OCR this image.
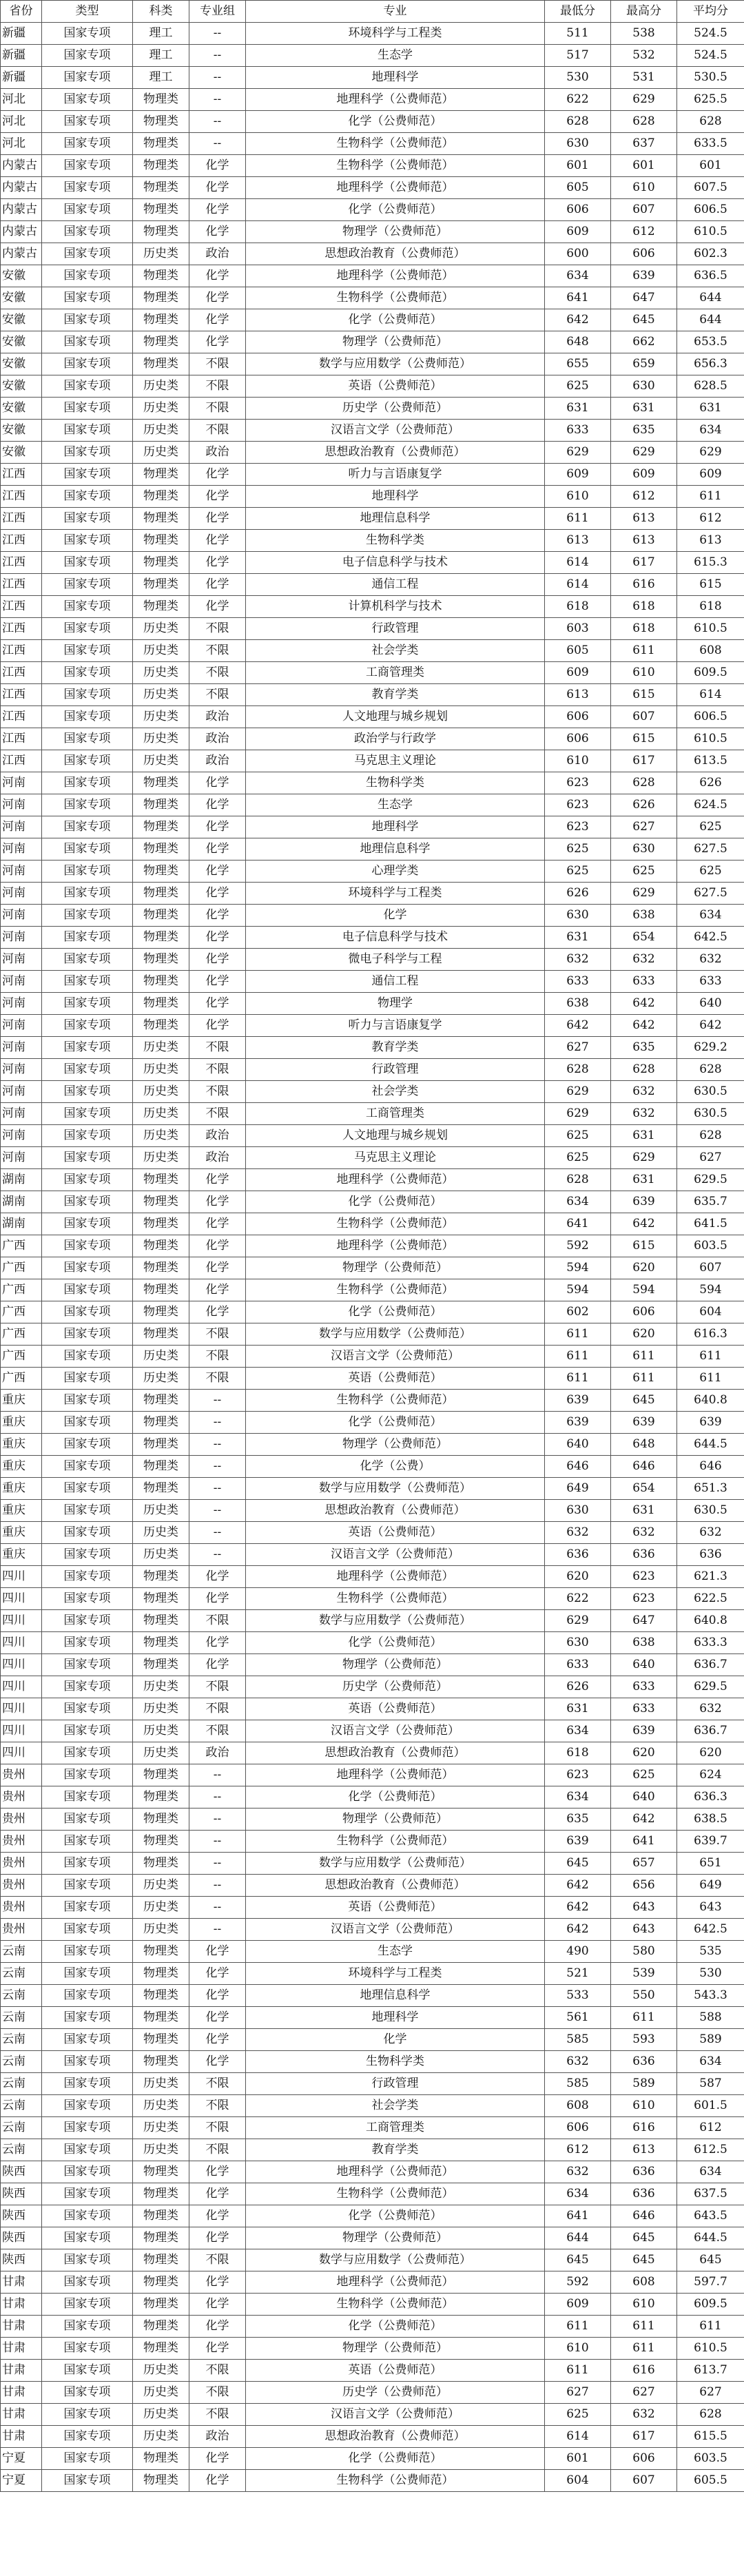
省份	类型	科类	专业组	专业	最低分	最高分	平均分
新疆	国家专项	理工	--	环境科学与工程类	511	538	524.5
新疆	国家专项	理工	--	生态学	517	532	524.5
新疆	国家专项	理工	--	地理科学	530	531	530.5
河北	国家专项	物理类	--	地理科学（公费师范）	622	629	625.5
河北	国家专项	物理类	--	化学（公费师范）	628	628	628
河北	国家专项	物理类	--	生物科学（公费师范）	630	637	633.5
内蒙古	国家专项	物理类	化学	生物科学（公费师范）	601	601	601
内蒙古	国家专项	物理类	化学	地理科学（公费师范）	605	610	607.5
内蒙古	国家专项	物理类	化学	化学（公费师范）	606	607	606.5
内蒙古	国家专项	物理类	化学	物理学（公费师范）	609	612	610.5
内蒙古	国家专项	历史类	政治	思想政治教育（公费师范）	600	606	602.3
安徽	国家专项	物理类	化学	地理科学（公费师范）	634	639	636.5
安徽	国家专项	物理类	化学	生物科学（公费师范）	641	647	644
安徽	国家专项	物理类	化学	化学（公费师范）	642	645	644
安徽	国家专项	物理类	化学	物理学（公费师范）	648	662	653.5
安徽	国家专项	物理类	不限	数学与应用数学（公费师范）	655	659	656.3
安徽	国家专项	历史类	不限	英语（公费师范）	625	630	628.5
安徽	国家专项	历史类	不限	历史学（公费师范）	631	631	631
安徽	国家专项	历史类	不限	汉语言文学（公费师范）	633	635	634
安徽	国家专项	历史类	政治	思想政治教育（公费师范）	629	629	629
江西	国家专项	物理类	化学	听力与言语康复学	609	609	609
江西	国家专项	物理类	化学	地理科学	610	612	611
江西	国家专项	物理类	化学	地理信息科学	611	613	612
江西	国家专项	物理类	化学	生物科学类	613	613	613
江西	国家专项	物理类	化学	电子信息科学与技术	614	617	615.3
江西	国家专项	物理类	化学	通信工程	614	616	615
江西	国家专项	物理类	化学	计算机科学与技术	618	618	618
江西	国家专项	历史类	不限	行政管理	603	618	610.5
江西	国家专项	历史类	不限	社会学类	605	611	608
江西	国家专项	历史类	不限	工商管理类	609	610	609.5
江西	国家专项	历史类	不限	教育学类	613	615	614
江西	国家专项	历史类	政治	人文地理与城乡规划	606	607	606.5
江西	国家专项	历史类	政治	政治学与行政学	606	615	610.5
江西	国家专项	历史类	政治	马克思主义理论	610	617	613.5
河南	国家专项	物理类	化学	生物科学类	623	628	626
河南	国家专项	物理类	化学	生态学	623	626	624.5
河南	国家专项	物理类	化学	地理科学	623	627	625
河南	国家专项	物理类	化学	地理信息科学	625	630	627.5
河南	国家专项	物理类	化学	心理学类	625	625	625
河南	国家专项	物理类	化学	环境科学与工程类	626	629	627.5
河南	国家专项	物理类	化学	化学	630	638	634
河南	国家专项	物理类	化学	电子信息科学与技术	631	654	642.5
河南	国家专项	物理类	化学	微电子科学与工程	632	632	632
河南	国家专项	物理类	化学	通信工程	633	633	633
河南	国家专项	物理类	化学	物理学	638	642	640
河南	国家专项	物理类	化学	听力与言语康复学	642	642	642
河南	国家专项	历史类	不限	教育学类	627	635	629.2
河南	国家专项	历史类	不限	行政管理	628	628	628
河南	国家专项	历史类	不限	社会学类	629	632	630.5
河南	国家专项	历史类	不限	工商管理类	629	632	630.5
河南	国家专项	历史类	政治	人文地理与城乡规划	625	631	628
河南	国家专项	历史类	政治	马克思主义理论	625	629	627
湖南	国家专项	物理类	化学	地理科学（公费师范）	628	631	629.5
湖南	国家专项	物理类	化学	化学（公费师范）	634	639	635.7
湖南	国家专项	物理类	化学	生物科学（公费师范）	641	642	641.5
广西	国家专项	物理类	化学	地理科学（公费师范）	592	615	603.5
广西	国家专项	物理类	化学	物理学（公费师范）	594	620	607
广西	国家专项	物理类	化学	生物科学（公费师范）	594	594	594
广西	国家专项	物理类	化学	化学（公费师范）	602	606	604
广西	国家专项	物理类	不限	数学与应用数学（公费师范）	611	620	616.3
广西	国家专项	历史类	不限	汉语言文学（公费师范）	611	611	611
广西	国家专项	历史类	不限	英语（公费师范）	611	611	611
重庆	国家专项	物理类	--	生物科学（公费师范）	639	645	640.8
重庆	国家专项	物理类	--	化学（公费师范）	639	639	639
重庆	国家专项	物理类	--	物理学（公费师范）	640	648	644.5
重庆	国家专项	物理类	--	化学（公费）	646	646	646
重庆	国家专项	物理类	--	数学与应用数学（公费师范）	649	654	651.3
重庆	国家专项	历史类	--	思想政治教育（公费师范）	630	631	630.5
重庆	国家专项	历史类	--	英语（公费师范）	632	632	632
重庆	国家专项	历史类	--	汉语言文学（公费师范）	636	636	636
四川	国家专项	物理类	化学	地理科学（公费师范）	620	623	621.3
四川	国家专项	物理类	化学	生物科学（公费师范）	622	623	622.5
四川	国家专项	物理类	不限	数学与应用数学（公费师范）	629	647	640.8
四川	国家专项	物理类	化学	化学（公费师范）	630	638	633.3
四川	国家专项	物理类	化学	物理学（公费师范）	633	640	636.7
四川	国家专项	历史类	不限	历史学（公费师范）	626	633	629.5
四川	国家专项	历史类	不限	英语（公费师范）	631	633	632
四川	国家专项	历史类	不限	汉语言文学（公费师范）	634	639	636.7
四川	国家专项	历史类	政治	思想政治教育（公费师范）	618	620	620
贵州	国家专项	物理类	--	地理科学（公费师范）	623	625	624
贵州	国家专项	物理类	--	化学（公费师范）	634	640	636.3
贵州	国家专项	物理类	--	物理学（公费师范）	635	642	638.5
贵州	国家专项	物理类	--	生物科学（公费师范）	639	641	639.7
贵州	国家专项	物理类	--	数学与应用数学（公费师范）	645	657	651
贵州	国家专项	历史类	--	思想政治教育（公费师范）	642	656	649
贵州	国家专项	历史类	--	英语（公费师范）	642	643	643
贵州	国家专项	历史类	--	汉语言文学（公费师范）	642	643	642.5
云南	国家专项	物理类	化学	生态学	490	580	535
云南	国家专项	物理类	化学	环境科学与工程类	521	539	530
云南	国家专项	物理类	化学	地理信息科学	533	550	543.3
云南	国家专项	物理类	化学	地理科学	561	611	588
云南	国家专项	物理类	化学	化学	585	593	589
云南	国家专项	物理类	化学	生物科学类	632	636	634
云南	国家专项	历史类	不限	行政管理	585	589	587
云南	国家专项	历史类	不限	社会学类	608	610	601.5
云南	国家专项	历史类	不限	工商管理类	606	616	612
云南	国家专项	历史类	不限	教育学类	612	613	612.5
陕西	国家专项	物理类	化学	地理科学（公费师范）	632	636	634
陕西	国家专项	物理类	化学	生物科学（公费师范）	634	636	637.5
陕西	国家专项	物理类	化学	化学（公费师范）	641	646	643.5
陕西	国家专项	物理类	化学	物理学（公费师范）	644	645	644.5
陕西	国家专项	物理类	不限	数学与应用数学（公费师范）	645	645	645
甘肃	国家专项	物理类	化学	地理科学（公费师范）	592	608	597.7
甘肃	国家专项	物理类	化学	生物科学（公费师范）	609	610	609.5
甘肃	国家专项	物理类	化学	化学（公费师范）	611	611	611
甘肃	国家专项	物理类	化学	物理学（公费师范）	610	611	610.5
甘肃	国家专项	历史类	不限	英语（公费师范）	611	616	613.7
甘肃	国家专项	历史类	不限	历史学（公费师范）	627	627	627
甘肃	国家专项	历史类	不限	汉语言文学（公费师范）	625	632	628
甘肃	国家专项	历史类	政治	思想政治教育（公费师范）	614	617	615.5
宁夏	国家专项	物理类	化学	化学（公费师范）	601	606	603.5
宁夏	国家专项	物理类	化学	生物科学（公费师范）	604	607	605.5
